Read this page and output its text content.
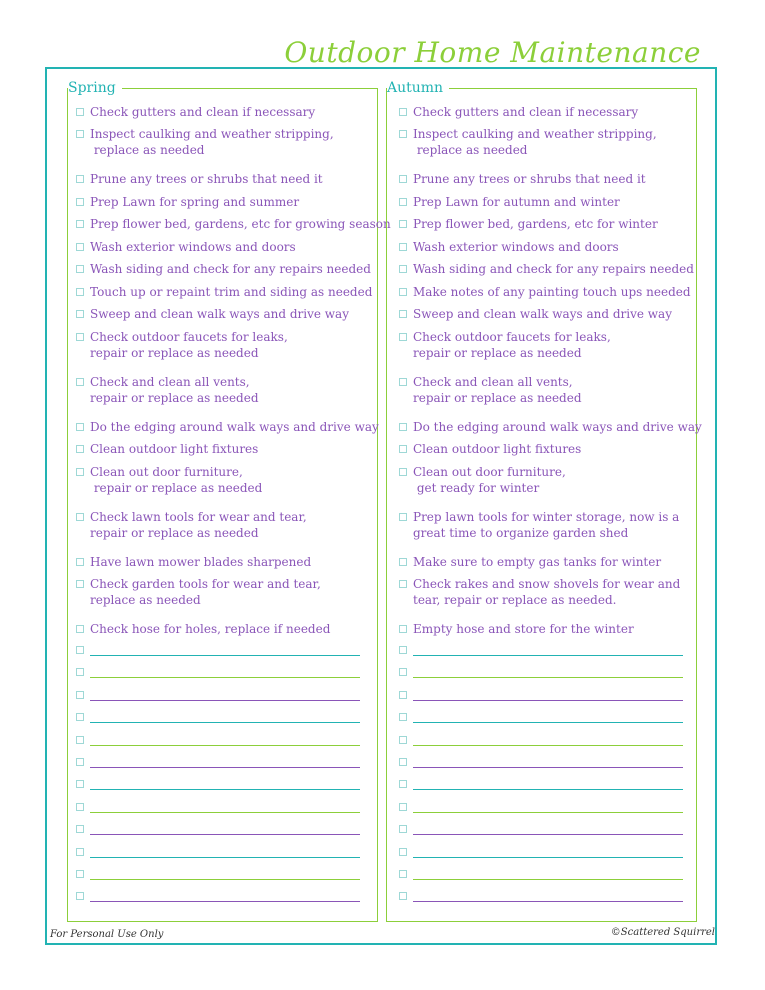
Outdoor Home Maintenance
Spring
Check gutters and clean if necessary
Inspect caulking and weather stripping,
replace as needed
Prune any trees or shrubs that need it
Prep Lawn for spring and summer
Prep flower bed, gardens, etc for growing season
Wash exterior windows and doors
Wash siding and check for any repairs needed
Touch up or repaint trim and siding as needed
Sweep and clean walk ways and drive way
Check outdoor faucets for leaks,
repair or replace as needed
Check and clean all vents,
repair or replace as needed
Do the edging around walk ways and drive way
Clean outdoor light fixtures
Clean out door furniture,
repair or replace as needed
Check lawn tools for wear and tear,
repair or replace as needed
Have lawn mower blades sharpened
Check garden tools for wear and tear,
replace as needed
Check hose for holes, replace if needed
Autumn
Check gutters and clean if necessary
Inspect caulking and weather stripping,
replace as needed
Prune any trees or shrubs that need it
Prep Lawn for autumn and winter
Prep flower bed, gardens, etc for winter
Wash exterior windows and doors
Wash siding and check for any repairs needed
Make notes of any painting touch ups needed
Sweep and clean walk ways and drive way
Check outdoor faucets for leaks,
repair or replace as needed
Check and clean all vents,
repair or replace as needed
Do the edging around walk ways and drive way
Clean outdoor light fixtures
Clean out door furniture,
get ready for winter
Prep lawn tools for winter storage, now is a
great time to organize garden shed
Make sure to empty gas tanks for winter
Check rakes and snow shovels for wear and
tear, repair or replace as needed.
Empty hose and store for the winter
For Personal Use Only	©Scattered Squirrel
